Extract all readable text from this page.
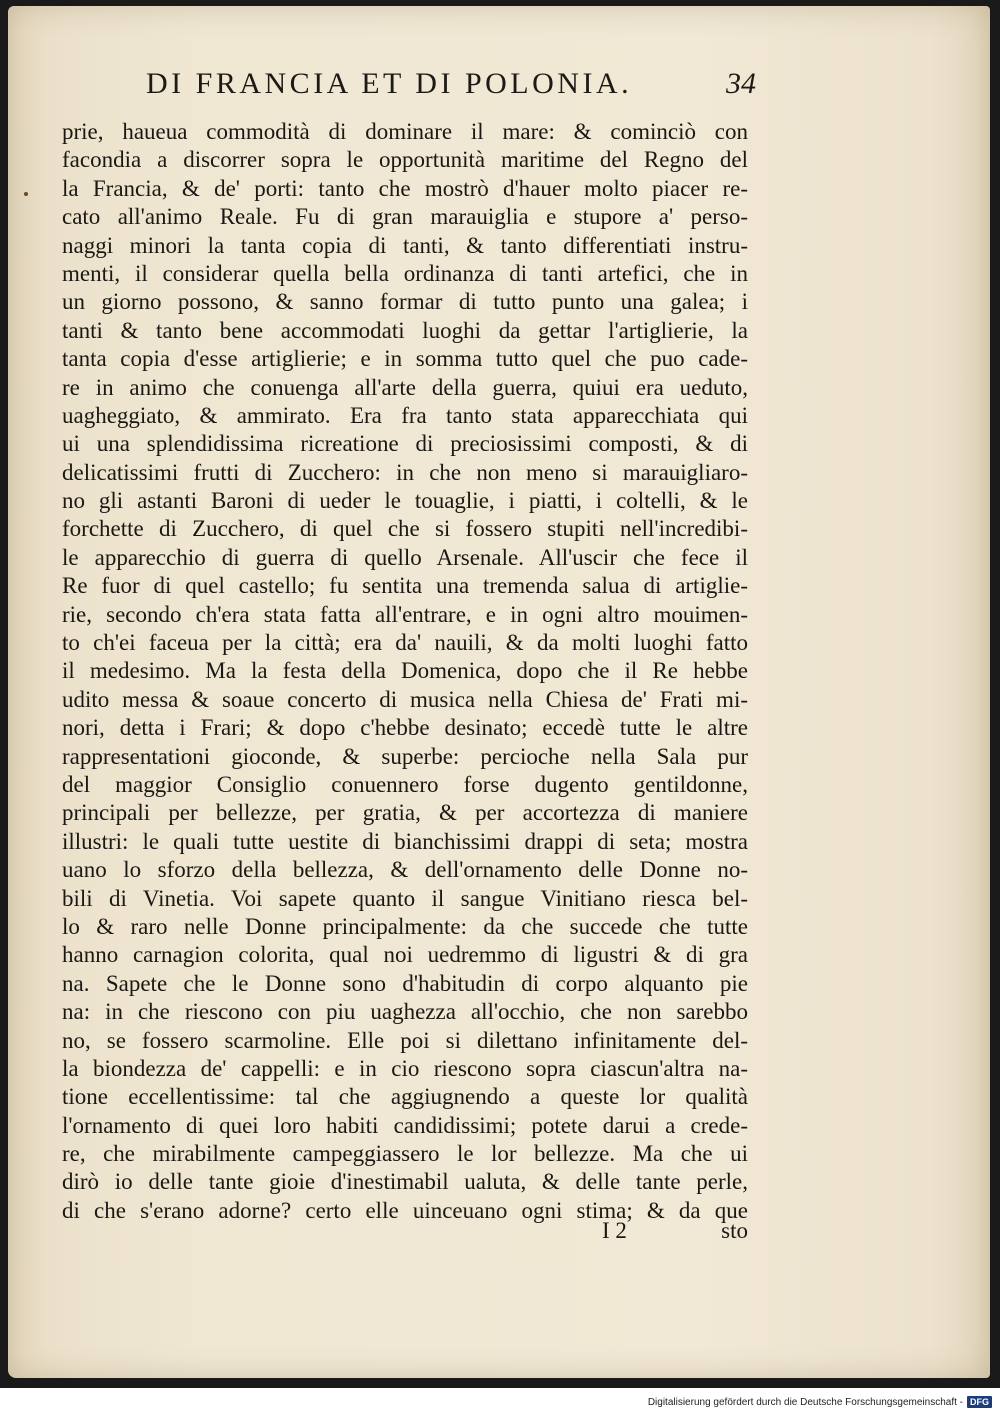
DI FRANCIA ET DI POLONIA.	34
prie, haueua commodità di dominare il mare: & cominciò con
facondia a discorrer sopra le opportunità maritime del Regno del
la Francia, & de' porti: tanto che mostrò d'hauer molto piacer re-
cato all'animo Reale. Fu di gran marauiglia e stupore a' perso-
naggi minori la tanta copia di tanti, & tanto differentiati instru-
menti, il considerar quella bella ordinanza di tanti artefici, che in
un giorno possono, & sanno formar di tutto punto una galea; i
tanti & tanto bene accommodati luoghi da gettar l'artiglierie, la
tanta copia d'esse artiglierie; e in somma tutto quel che puo cade-
re in animo che conuenga all'arte della guerra, quiui era ueduto,
uagheggiato, & ammirato. Era fra tanto stata apparecchiata qui
ui una splendidissima ricreatione di preciosissimi composti, & di
delicatissimi frutti di Zucchero: in che non meno si marauigliaro-
no gli astanti Baroni di ueder le touaglie, i piatti, i coltelli, & le
forchette di Zucchero, di quel che si fossero stupiti nell'incredibi-
le apparecchio di guerra di quello Arsenale. All'uscir che fece il
Re fuor di quel castello; fu sentita una tremenda salua di artiglie-
rie, secondo ch'era stata fatta all'entrare, e in ogni altro mouimen-
to ch'ei faceua per la città; era da' nauili, & da molti luoghi fatto
il medesimo. Ma la festa della Domenica, dopo che il Re hebbe
udito messa & soaue concerto di musica nella Chiesa de' Frati mi-
nori, detta i Frari; & dopo c'hebbe desinato; eccedè tutte le altre
rappresentationi gioconde, & superbe: percioche nella Sala pur
del maggior Consiglio conuennero forse dugento gentildonne,
principali per bellezze, per gratia, & per accortezza di maniere
illustri: le quali tutte uestite di bianchissimi drappi di seta; mostra
uano lo sforzo della bellezza, & dell'ornamento delle Donne no-
bili di Vinetia. Voi sapete quanto il sangue Vinitiano riesca bel-
lo & raro nelle Donne principalmente: da che succede che tutte
hanno carnagion colorita, qual noi uedremmo di ligustri & di gra
na. Sapete che le Donne sono d'habitudin di corpo alquanto pie
na: in che riescono con piu uaghezza all'occhio, che non sarebbo
no, se fossero scarmoline. Elle poi si dilettano infinitamente del-
la biondezza de' cappelli: e in cio riescono sopra ciascun'altra na-
tione eccellentissime: tal che aggiugnendo a queste lor qualità
l'ornamento di quei loro habiti candidissimi; potete darui a crede-
re, che mirabilmente campeggiassero le lor bellezze. Ma che ui
dirò io delle tante gioie d'inestimabil ualuta, & delle tante perle,
di che s'erano adorne? certo elle uinceuano ogni stima; & da que
I 2	sto
Digitalisierung gefördert durch die Deutsche Forschungsgemeinschaft - DFG
